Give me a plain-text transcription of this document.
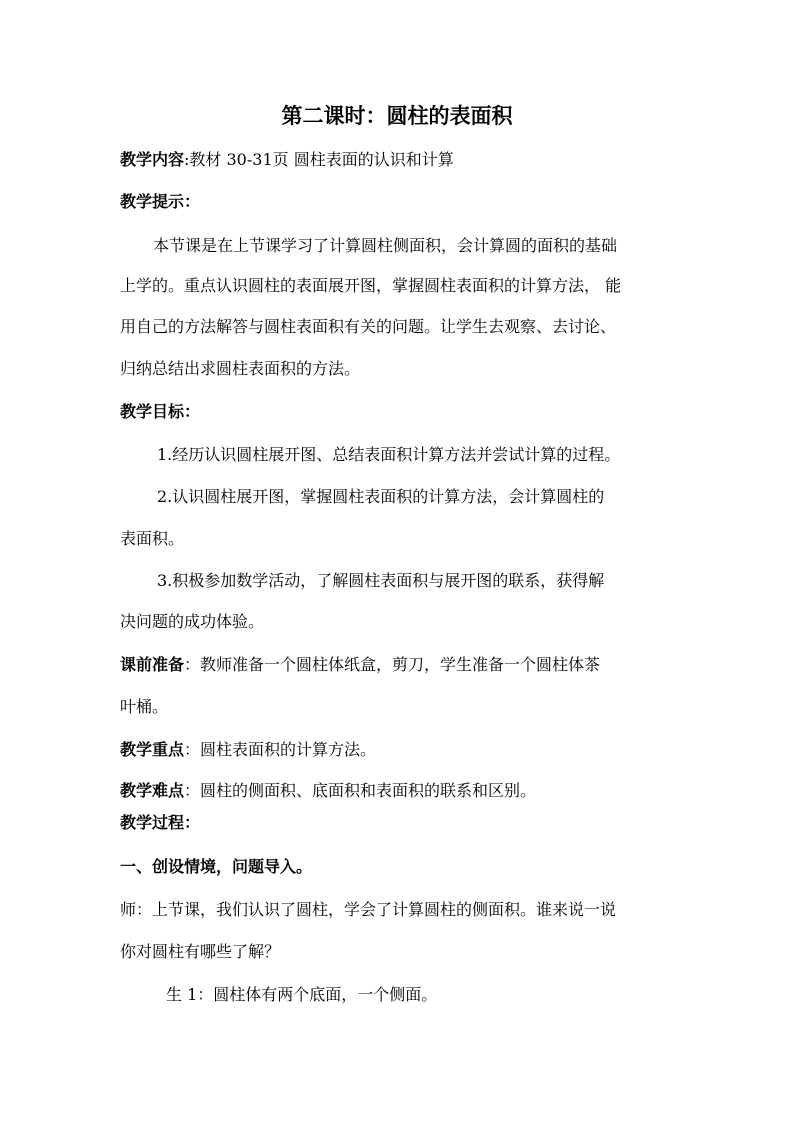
第二课时：圆柱的表面积
教学内容:教材 30-31页 圆柱表面的认识和计算
教学提示：
本节课是在上节课学习了计算圆柱侧面积，会计算圆的面积的基础
上学的。重点认识圆柱的表面展开图，掌握圆柱表面积的计算方法， 能
用自己的方法解答与圆柱表面积有关的问题。让学生去观察、去讨论、
归纳总结出求圆柱表面积的方法。
教学目标：
1.经历认识圆柱展开图、总结表面积计算方法并尝试计算的过程。
2.认识圆柱展开图，掌握圆柱表面积的计算方法，会计算圆柱的
表面积。
3.积极参加数学活动，了解圆柱表面积与展开图的联系，获得解
决问题的成功体验。
课前准备：教师准备一个圆柱体纸盒，剪刀，学生准备一个圆柱体茶
叶桶。
教学重点：圆柱表面积的计算方法。
教学难点：圆柱的侧面积、底面积和表面积的联系和区别。
教学过程：
一、创设情境，问题导入。
师：上节课，我们认识了圆柱，学会了计算圆柱的侧面积。谁来说一说
你对圆柱有哪些了解？
生 1：圆柱体有两个底面，一个侧面。
